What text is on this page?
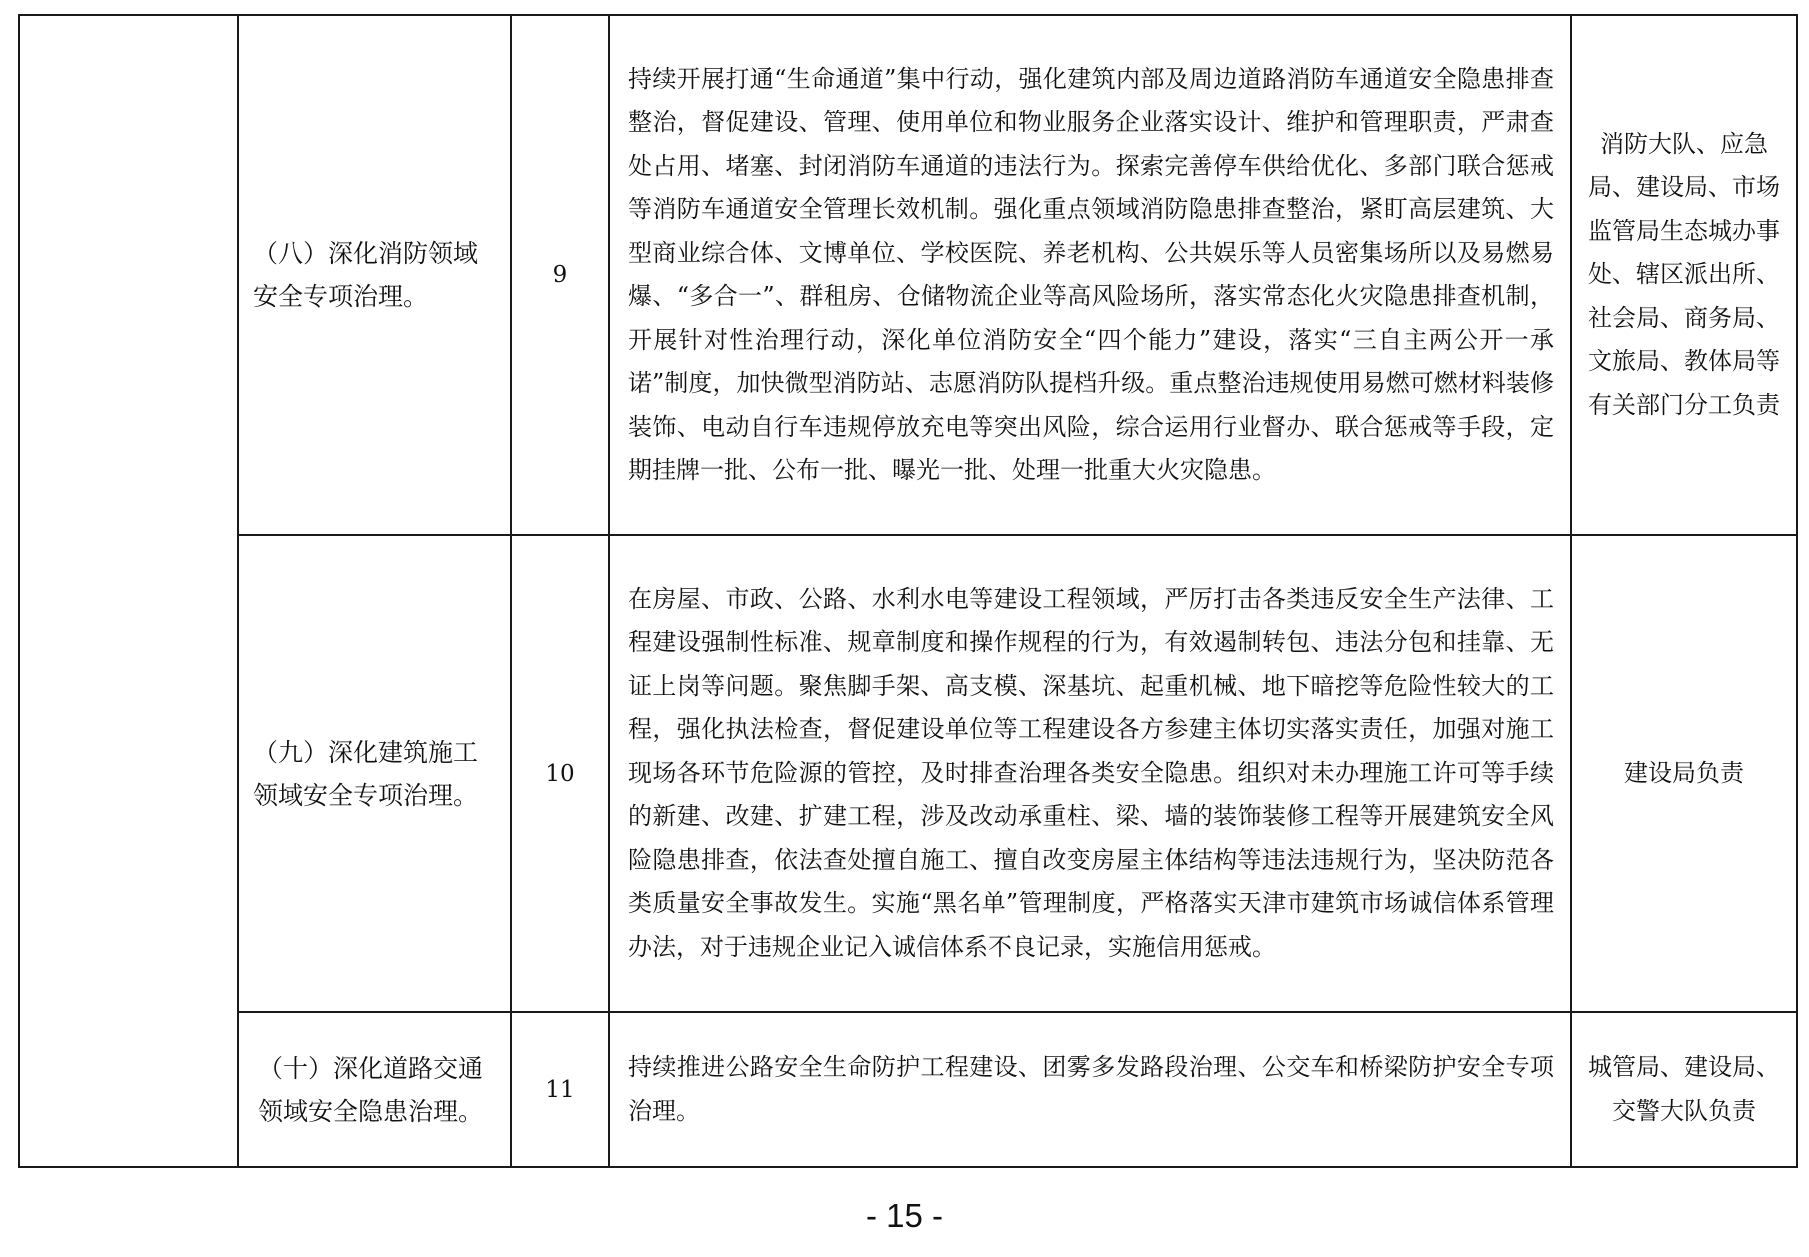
	（八）深化消防领域安全专项治理。	9	持续开展打通“生命通道”集中行动，强化建筑内部及周边道路消防车通道安全隐患排查整治，督促建设、管理、使用单位和物业服务企业落实设计、维护和管理职责，严肃查处占用、堵塞、封闭消防车通道的违法行为。探索完善停车供给优化、多部门联合惩戒等消防车通道安全管理长效机制。强化重点领域消防隐患排查整治，紧盯高层建筑、大型商业综合体、文博单位、学校医院、养老机构、公共娱乐等人员密集场所以及易燃易爆、“多合一”、群租房、仓储物流企业等高风险场所，落实常态化火灾隐患排查机制，开展针对性治理行动，深化单位消防安全“四个能力”建设，落实“三自主两公开一承诺”制度，加快微型消防站、志愿消防队提档升级。重点整治违规使用易燃可燃材料装修装饰、电动自行车违规停放充电等突出风险，综合运用行业督办、联合惩戒等手段，定期挂牌一批、公布一批、曝光一批、处理一批重大火灾隐患。	消防大队、应急局、建设局、市场监管局生态城办事处、辖区派出所、社会局、商务局、文旅局、教体局等有关部门分工负责
	（九）深化建筑施工领域安全专项治理。	10	在房屋、市政、公路、水利水电等建设工程领域，严厉打击各类违反安全生产法律、工程建设强制性标准、规章制度和操作规程的行为，有效遏制转包、违法分包和挂靠、无证上岗等问题。聚焦脚手架、高支模、深基坑、起重机械、地下暗挖等危险性较大的工程，强化执法检查，督促建设单位等工程建设各方参建主体切实落实责任，加强对施工现场各环节危险源的管控，及时排查治理各类安全隐患。组织对未办理施工许可等手续的新建、改建、扩建工程，涉及改动承重柱、梁、墙的装饰装修工程等开展建筑安全风险隐患排查，依法查处擅自施工、擅自改变房屋主体结构等违法违规行为，坚决防范各类质量安全事故发生。实施“黑名单”管理制度，严格落实天津市建筑市场诚信体系管理办法，对于违规企业记入诚信体系不良记录，实施信用惩戒。	建设局负责
	（十）深化道路交通领域安全隐患治理。	11	持续推进公路安全生命防护工程建设、团雾多发路段治理、公交车和桥梁防护安全专项治理。	城管局、建设局、交警大队负责
- 15 -
